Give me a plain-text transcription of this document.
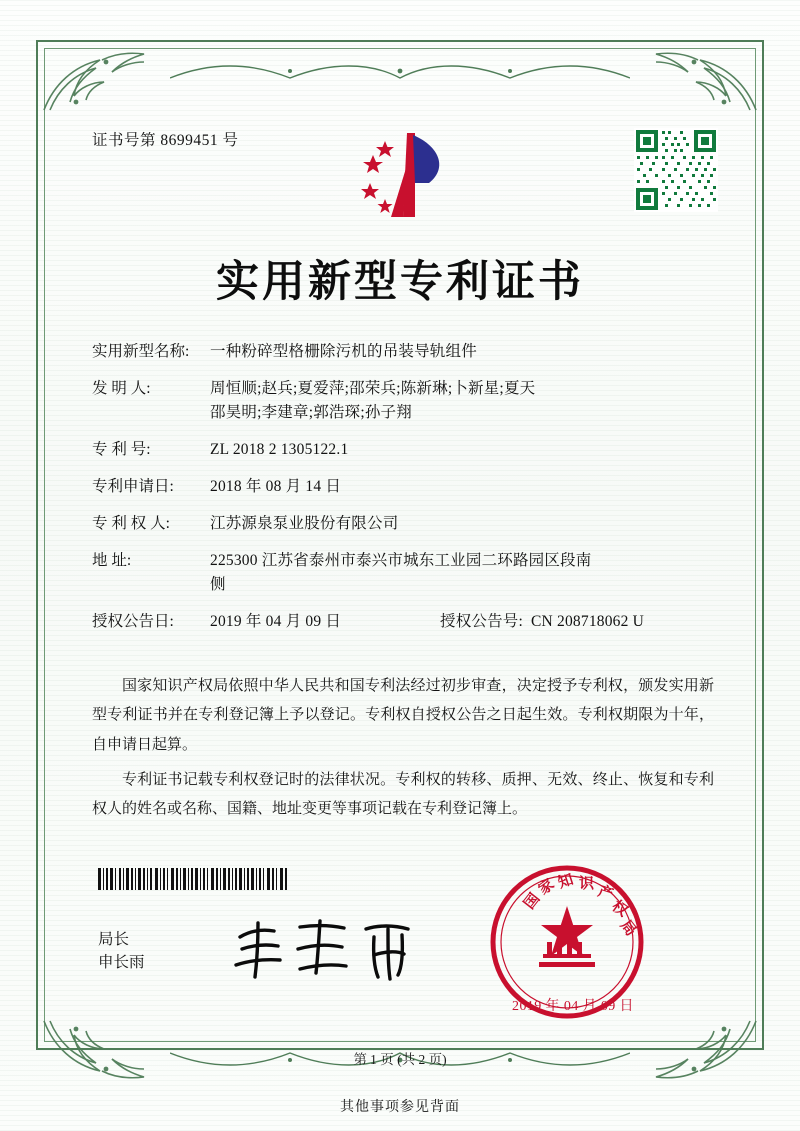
证书号第 8699451 号
实用新型专利证书
实用新型名称:	一种粉碎型格栅除污机的吊装导轨组件
发 明 人:	周恒顺;赵兵;夏爱萍;邵荣兵;陈新琳;卜新星;夏天
邵昊明;李建章;郭浩琛;孙子翔
专 利 号:	ZL 2018 2 1305122.1
专利申请日:	2018 年 08 月 14 日
专 利 权 人:	江苏源泉泵业股份有限公司
地 址:	225300 江苏省泰州市泰兴市城东工业园二环路园区段南
侧
授权公告日:	2019 年 04 月 09 日	授权公告号: CN 208718062 U

国家知识产权局依照中华人民共和国专利法经过初步审查，决定授予专利权，颁发实用新型专利证书并在专利登记簿上予以登记。专利权自授权公告之日起生效。专利权期限为十年，自申请日起算。

专利证书记载专利权登记时的法律状况。专利权的转移、质押、无效、终止、恢复和专利权人的姓名或名称、国籍、地址变更等事项记载在专利登记簿上。

局长
申长雨
国
家
知 识 产
权
局
2019 年 04 月 09 日
第 1 页 (共 2 页)
其他事项参见背面
